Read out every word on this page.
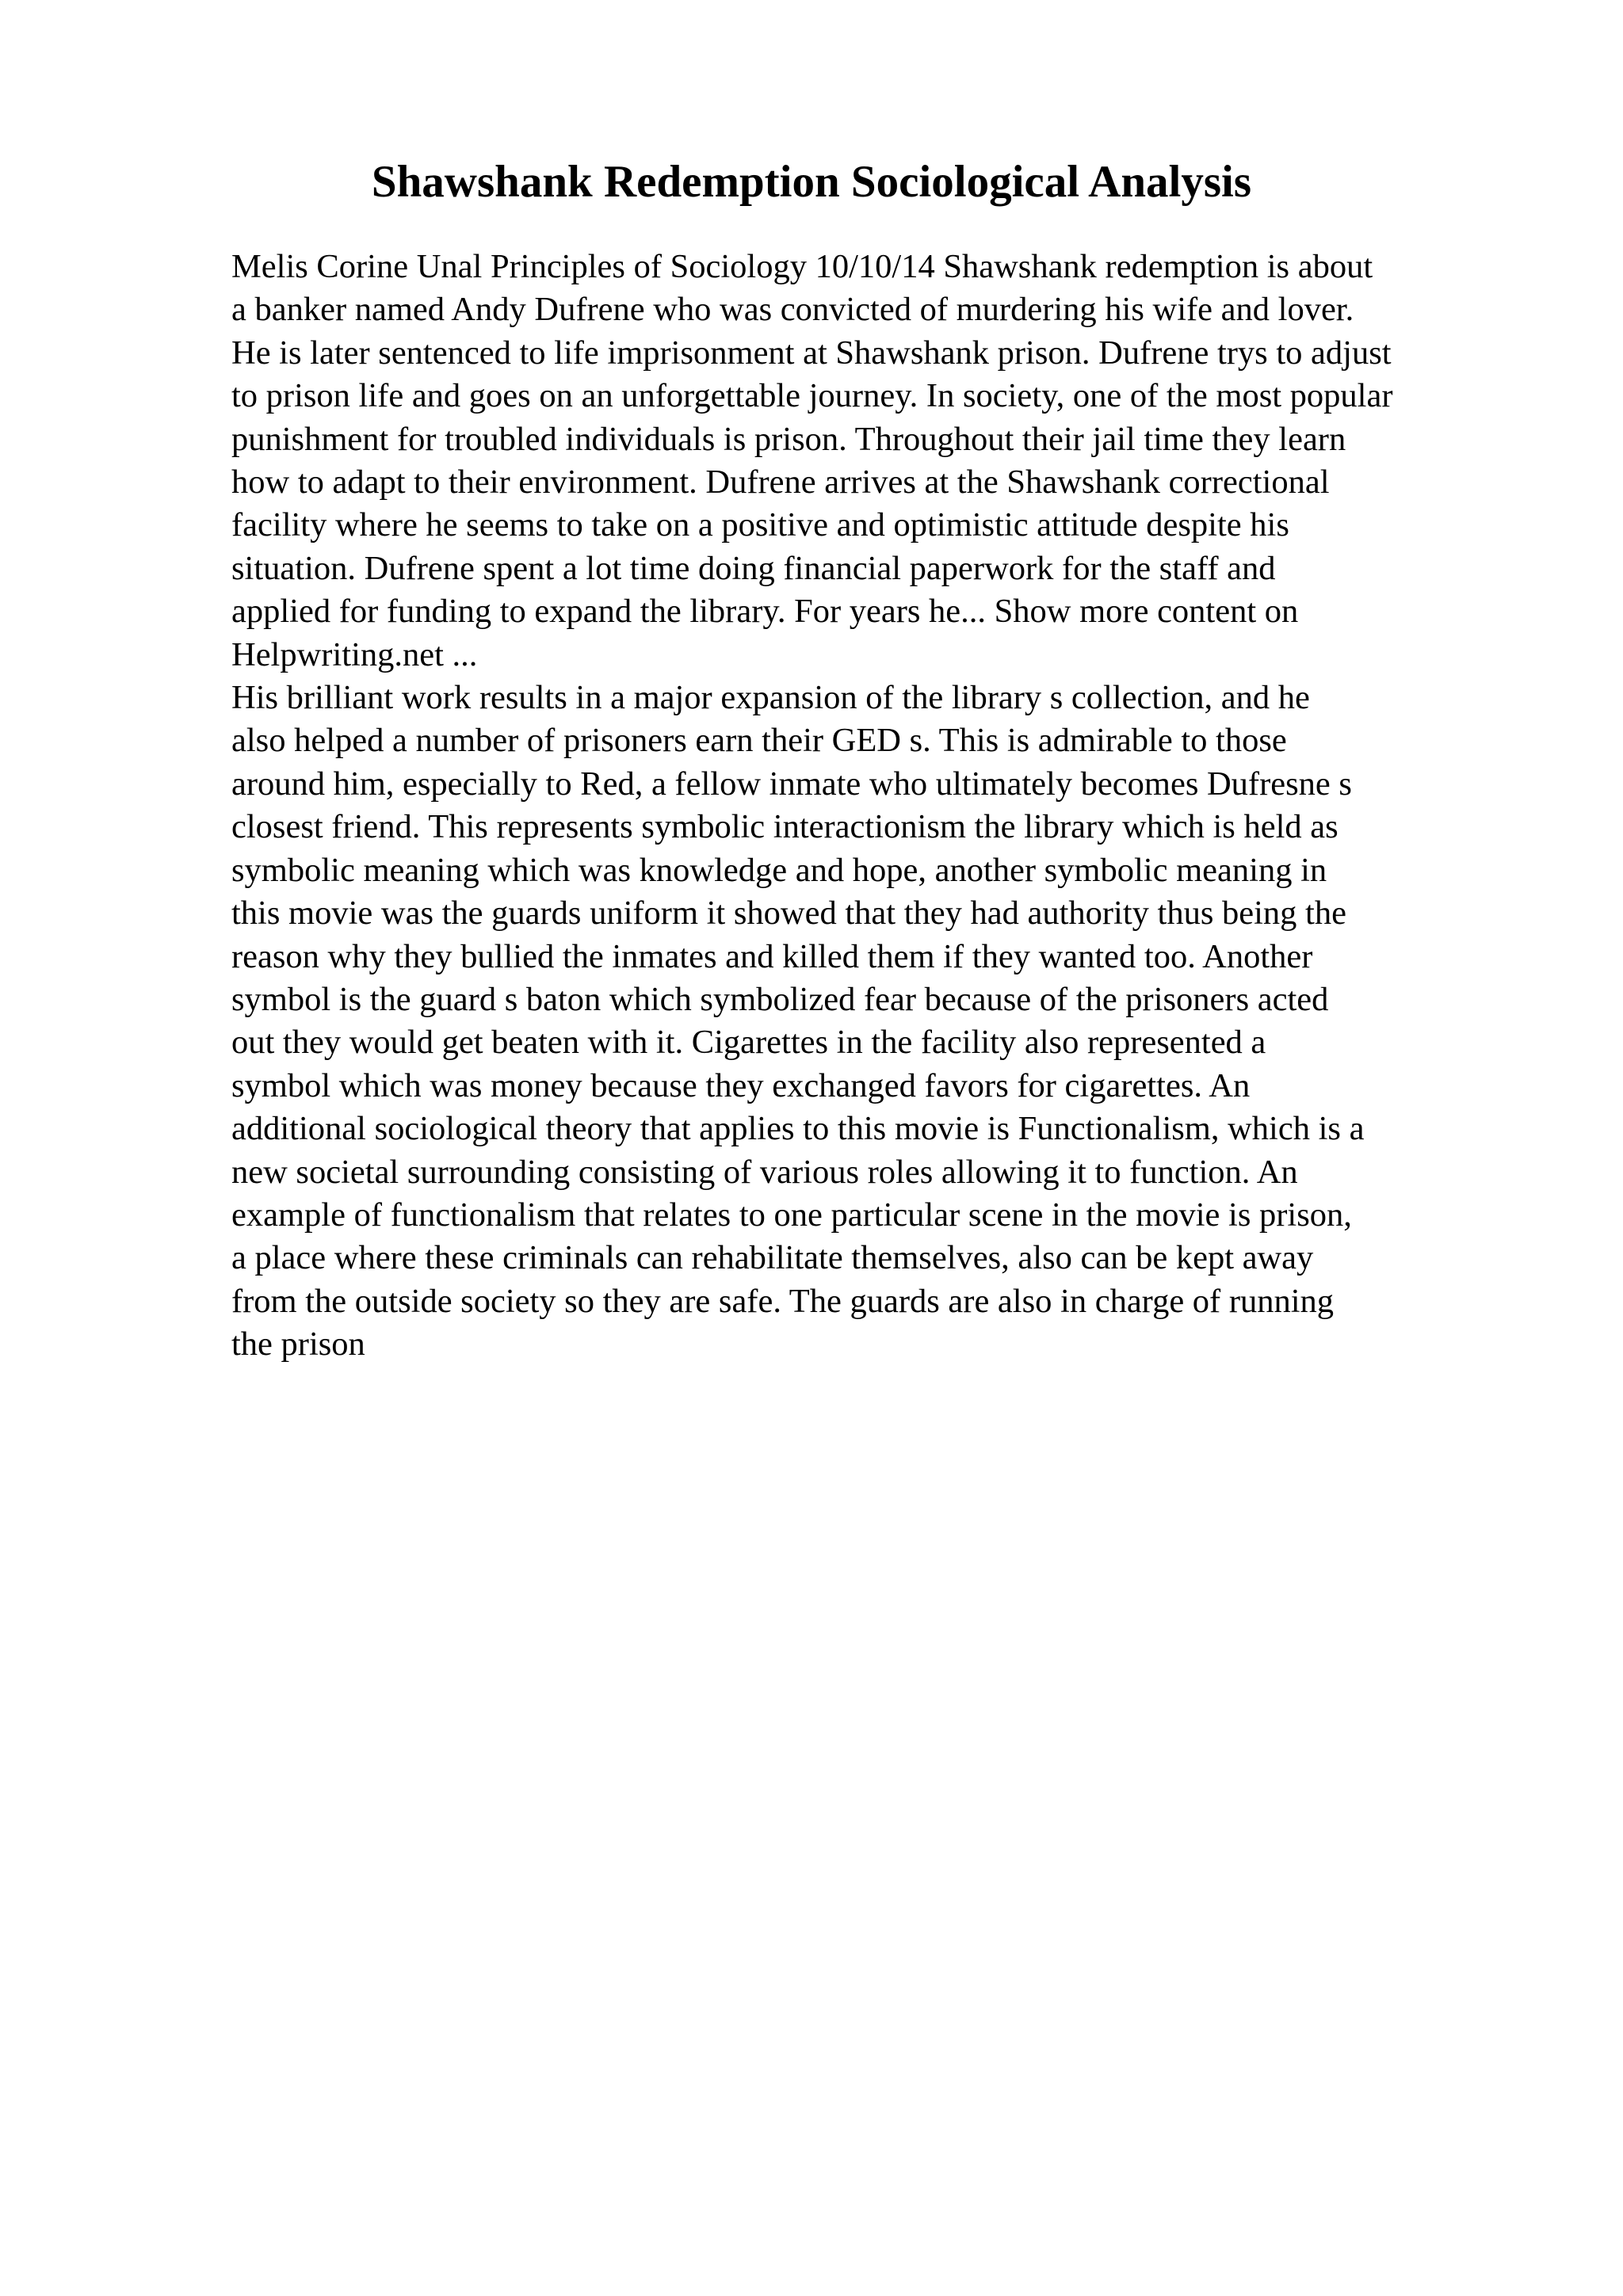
Shawshank Redemption Sociological Analysis
Melis Corine Unal Principles of Sociology 10/10/14 Shawshank redemption is about
a banker named Andy Dufrene who was convicted of murdering his wife and lover.
He is later sentenced to life imprisonment at Shawshank prison. Dufrene trys to adjust
to prison life and goes on an unforgettable journey. In society, one of the most popular
punishment for troubled individuals is prison. Throughout their jail time they learn
how to adapt to their environment. Dufrene arrives at the Shawshank correctional
facility where he seems to take on a positive and optimistic attitude despite his
situation. Dufrene spent a lot time doing financial paperwork for the staff and
applied for funding to expand the library. For years he... Show more content on
Helpwriting.net ...
His brilliant work results in a major expansion of the library s collection, and he
also helped a number of prisoners earn their GED s. This is admirable to those
around him, especially to Red, a fellow inmate who ultimately becomes Dufresne s
closest friend. This represents symbolic interactionism the library which is held as
symbolic meaning which was knowledge and hope, another symbolic meaning in
this movie was the guards uniform it showed that they had authority thus being the
reason why they bullied the inmates and killed them if they wanted too. Another
symbol is the guard s baton which symbolized fear because of the prisoners acted
out they would get beaten with it. Cigarettes in the facility also represented a
symbol which was money because they exchanged favors for cigarettes. An
additional sociological theory that applies to this movie is Functionalism, which is a
new societal surrounding consisting of various roles allowing it to function. An
example of functionalism that relates to one particular scene in the movie is prison,
a place where these criminals can rehabilitate themselves, also can be kept away
from the outside society so they are safe. The guards are also in charge of running
the prison
